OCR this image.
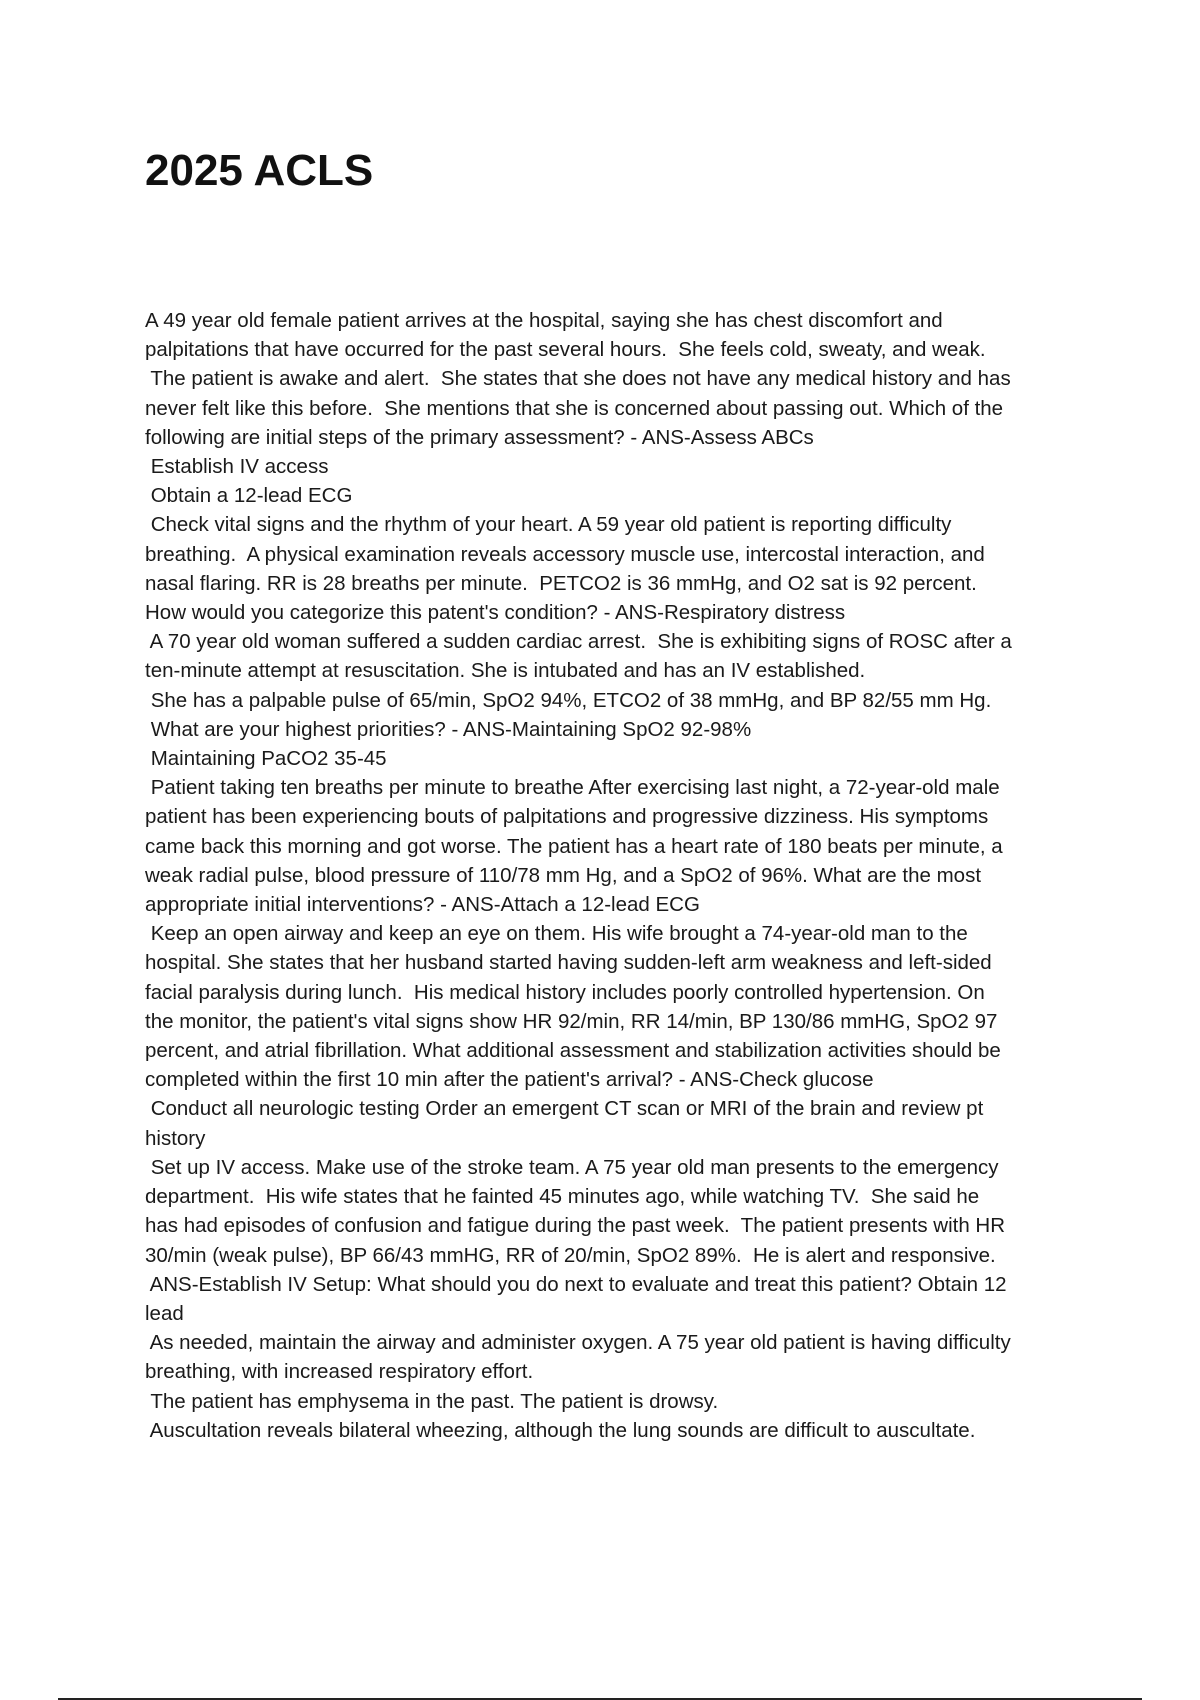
2025 ACLS
A 49 year old female patient arrives at the hospital, saying she has chest discomfort and
palpitations that have occurred for the past several hours.  She feels cold, sweaty, and weak.
The patient is awake and alert.  She states that she does not have any medical history and has
never felt like this before.  She mentions that she is concerned about passing out. Which of the
following are initial steps of the primary assessment? - ANS-Assess ABCs
Establish IV access
Obtain a 12-lead ECG
Check vital signs and the rhythm of your heart. A 59 year old patient is reporting difficulty
breathing.  A physical examination reveals accessory muscle use, intercostal interaction, and
nasal flaring. RR is 28 breaths per minute.  PETCO2 is 36 mmHg, and O2 sat is 92 percent.
How would you categorize this patent's condition? - ANS-Respiratory distress
A 70 year old woman suffered a sudden cardiac arrest.  She is exhibiting signs of ROSC after a
ten-minute attempt at resuscitation. She is intubated and has an IV established.
She has a palpable pulse of 65/min, SpO2 94%, ETCO2 of 38 mmHg, and BP 82/55 mm Hg.
What are your highest priorities? - ANS-Maintaining SpO2 92-98%
Maintaining PaCO2 35-45
Patient taking ten breaths per minute to breathe After exercising last night, a 72-year-old male
patient has been experiencing bouts of palpitations and progressive dizziness. His symptoms
came back this morning and got worse. The patient has a heart rate of 180 beats per minute, a
weak radial pulse, blood pressure of 110/78 mm Hg, and a SpO2 of 96%. What are the most
appropriate initial interventions? - ANS-Attach a 12-lead ECG
Keep an open airway and keep an eye on them. His wife brought a 74-year-old man to the
hospital. She states that her husband started having sudden-left arm weakness and left-sided
facial paralysis during lunch.  His medical history includes poorly controlled hypertension. On
the monitor, the patient's vital signs show HR 92/min, RR 14/min, BP 130/86 mmHG, SpO2 97
percent, and atrial fibrillation. What additional assessment and stabilization activities should be
completed within the first 10 min after the patient's arrival? - ANS-Check glucose
Conduct all neurologic testing Order an emergent CT scan or MRI of the brain and review pt
history
Set up IV access. Make use of the stroke team. A 75 year old man presents to the emergency
department.  His wife states that he fainted 45 minutes ago, while watching TV.  She said he
has had episodes of confusion and fatigue during the past week.  The patient presents with HR
30/min (weak pulse), BP 66/43 mmHG, RR of 20/min, SpO2 89%.  He is alert and responsive.
ANS-Establish IV Setup: What should you do next to evaluate and treat this patient? Obtain 12
lead
As needed, maintain the airway and administer oxygen. A 75 year old patient is having difficulty
breathing, with increased respiratory effort.
The patient has emphysema in the past. The patient is drowsy.
Auscultation reveals bilateral wheezing, although the lung sounds are difficult to auscultate.
